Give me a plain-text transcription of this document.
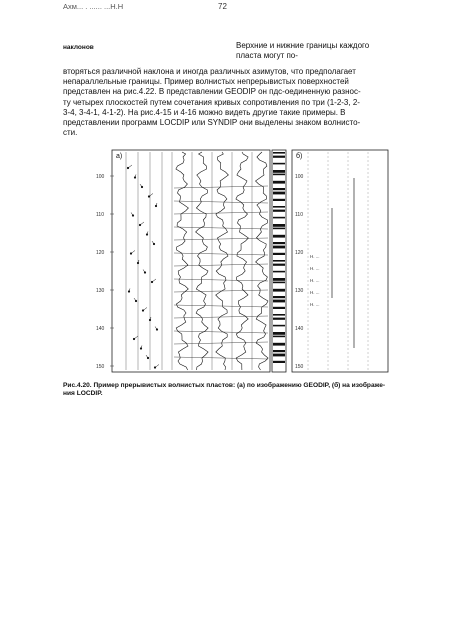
Ахм... . ...... ...Н.Н	72
наклонов	Верхние и нижние границы каждого пласта могут по-
вторяться различной наклона и иногда различных азимутов, что предполагает
непараллельные границы. Пример волнистых непрерывистых поверхностей
представлен на рис.4.22. В представлении GEODIP он пдс-оединенную разнос-
ту четырех плоскостей путем сочетания кривых сопротивления по три (1-2-3, 2-
3-4, 3-4-1, 4-1-2). На рис.4-15 и 4-16 можно видеть другие такие примеры. В
представлении программ LOCDIP или SYNDIP они выделены знаком волнисто-
сти.
а)
100
110
120
130
140
150
б)
100
110
120
130
140
150
Н. ...
Н. ...
Н. ...
Н. ...
Н. ...
Рис.4.20. Пример прерывистых волнистых пластов: (а) по изображению GEODIP, (б) на изображе-
ния LOCDIP.
